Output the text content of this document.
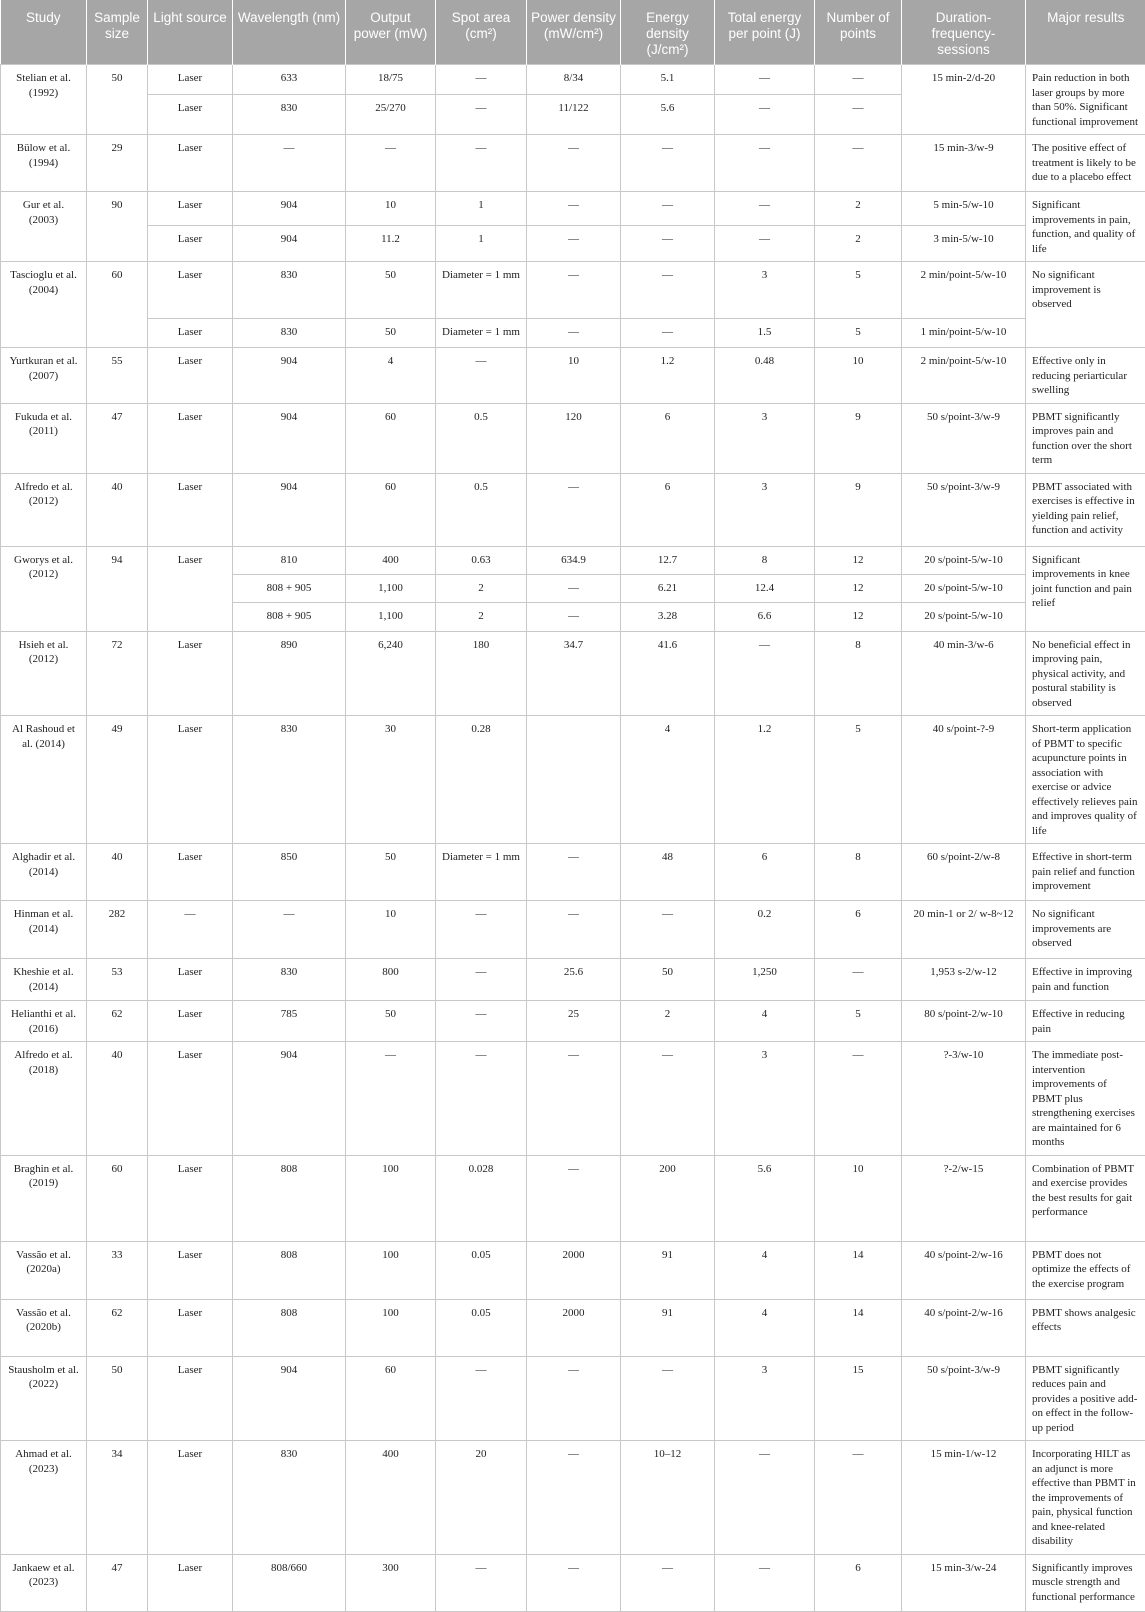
Study	Sample size	Light source	Wavelength (nm)	Output power (mW)	Spot area (cm²)	Power density (mW/cm²)	Energy density (J/cm²)	Total energy per point (J)	Number of points	Duration-frequency-sessions	Major results
Stelian et al. (1992)	50	Laser	633	18/75	—	8/34	5.1	—	—	15 min-2/d-20	Pain reduction in both laser groups by more than 50%. Significant functional improvement
		Laser	830	25/270	—	11/122	5.6	—	—		
Bülow et al. (1994)	29	Laser	—	—	—	—	—	—	—	15 min-3/w-9	The positive effect of treatment is likely to be due to a placebo effect
Gur et al. (2003)	90	Laser	904	10	1	—	—	—	2	5 min-5/w-10	Significant improvements in pain, function, and quality of life
		Laser	904	11.2	1	—	—	—	2	3 min-5/w-10	
Tascioglu et al. (2004)	60	Laser	830	50	Diameter = 1 mm	—	—	3	5	2 min/point-5/w-10	No significant improvement is observed
		Laser	830	50	Diameter = 1 mm	—	—	1.5	5	1 min/point-5/w-10	
Yurtkuran et al. (2007)	55	Laser	904	4	—	10	1.2	0.48	10	2 min/point-5/w-10	Effective only in reducing periarticular swelling
Fukuda et al. (2011)	47	Laser	904	60	0.5	120	6	3	9	50 s/point-3/w-9	PBMT significantly improves pain and function over the short term
Alfredo et al. (2012)	40	Laser	904	60	0.5	—	6	3	9	50 s/point-3/w-9	PBMT associated with exercises is effective in yielding pain relief, function and activity
Gworys et al. (2012)	94	Laser	810	400	0.63	634.9	12.7	8	12	20 s/point-5/w-10	Significant improvements in knee joint function and pain relief
			808 + 905	1,100	2	—	6.21	12.4	12	20 s/point-5/w-10	
			808 + 905	1,100	2	—	3.28	6.6	12	20 s/point-5/w-10	
Hsieh et al. (2012)	72	Laser	890	6,240	180	34.7	41.6	—	8	40 min-3/w-6	No beneficial effect in improving pain, physical activity, and postural stability is observed
Al Rashoud et al. (2014)	49	Laser	830	30	0.28		4	1.2	5	40 s/point-?-9	Short-term application of PBMT to specific acupuncture points in association with exercise or advice effectively relieves pain and improves quality of life
Alghadir et al. (2014)	40	Laser	850	50	Diameter = 1 mm	—	48	6	8	60 s/point-2/w-8	Effective in short-term pain relief and function improvement
Hinman et al. (2014)	282	—	—	10	—	—	—	0.2	6	20 min-1 or 2/ w-8~12	No significant improvements are observed
Kheshie et al. (2014)	53	Laser	830	800	—	25.6	50	1,250	—	1,953 s-2/w-12	Effective in improving pain and function
Helianthi et al. (2016)	62	Laser	785	50	—	25	2	4	5	80 s/point-2/w-10	Effective in reducing pain
Alfredo et al. (2018)	40	Laser	904	—	—	—	—	3	—	?-3/w-10	The immediate post-intervention improvements of PBMT plus strengthening exercises are maintained for 6 months
Braghin et al. (2019)	60	Laser	808	100	0.028	—	200	5.6	10	?-2/w-15	Combination of PBMT and exercise provides the best results for gait performance
Vassão et al. (2020a)	33	Laser	808	100	0.05	2000	91	4	14	40 s/point-2/w-16	PBMT does not optimize the effects of the exercise program
Vassão et al. (2020b)	62	Laser	808	100	0.05	2000	91	4	14	40 s/point-2/w-16	PBMT shows analgesic effects
Stausholm et al. (2022)	50	Laser	904	60	—	—	—	3	15	50 s/point-3/w-9	PBMT significantly reduces pain and provides a positive add-on effect in the follow-up period
Ahmad et al. (2023)	34	Laser	830	400	20	—	10–12	—	—	15 min-1/w-12	Incorporating HILT as an adjunct is more effective than PBMT in the improvements of pain, physical function and knee-related disability
Jankaew et al. (2023)	47	Laser	808/660	300	—	—	—	—	6	15 min-3/w-24	Significantly improves muscle strength and functional performance
